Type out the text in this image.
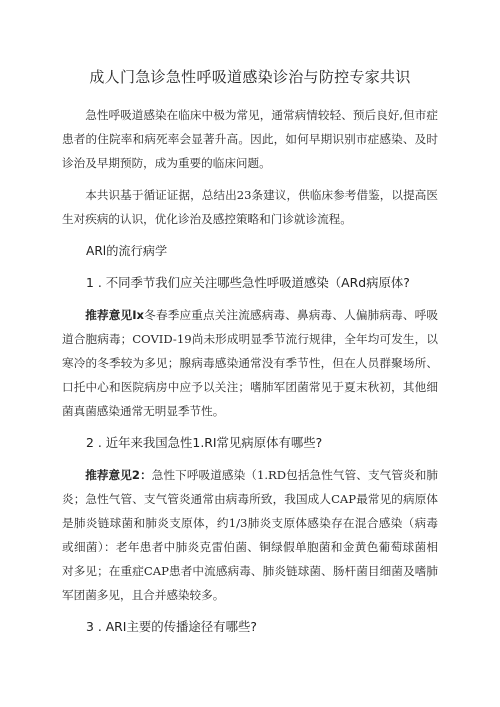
成人门急诊急性呼吸道感染诊治与防控专家共识

急性呼吸道感染在临床中极为常见，通常病情较轻、预后良好,但市症患者的住院率和病死率会显著升高。因此，如何早期识别市症感染、及时诊治及早期预防，成为重要的临床问题。

本共识基于循证证据，总结出23条建议，供临床参考借鉴，以提高医生对疾病的认识，优化诊治及感控策略和门诊就诊流程。

ARl的流行病学
1 . 不同季节我们应关注哪些急性呼吸道感染（ARd病原体?

推荐意见Ix冬春季应重点关注流感病毒、鼻病毒、人偏肺病毒、呼吸道合胞病毒；COVID-19尚未形成明显季节流行规律，全年均可发生，以寒冷的冬季较为多见；腺病毒感染通常没有季节性，但在人员群聚场所、口托中心和医院病房中应予以关注；嗜肺军团菌常见于夏末秋初，其他细菌真菌感染通常无明显季节性。

2 . 近年来我国急性1.RI常见病原体有哪些?

推荐意见2：急性下呼吸道感染（1.RD包括急性气管、支气管炎和肺炎；急性气管、支气管炎通常由病毒所致，我国成人CAP最常见的病原体是肺炎链球菌和肺炎支原体，约1/3肺炎支原体感染存在混合感染（病毒或细菌）：老年患者中肺炎克雷伯菌、铜绿假单胞菌和金黄色葡萄球菌相对多见；在重症CAP患者中流感病毒、肺炎链球菌、肠杆菌目细菌及嗜肺军团菌多见，且合并感染较多。

3 . ARI主要的传播途径有哪些?
